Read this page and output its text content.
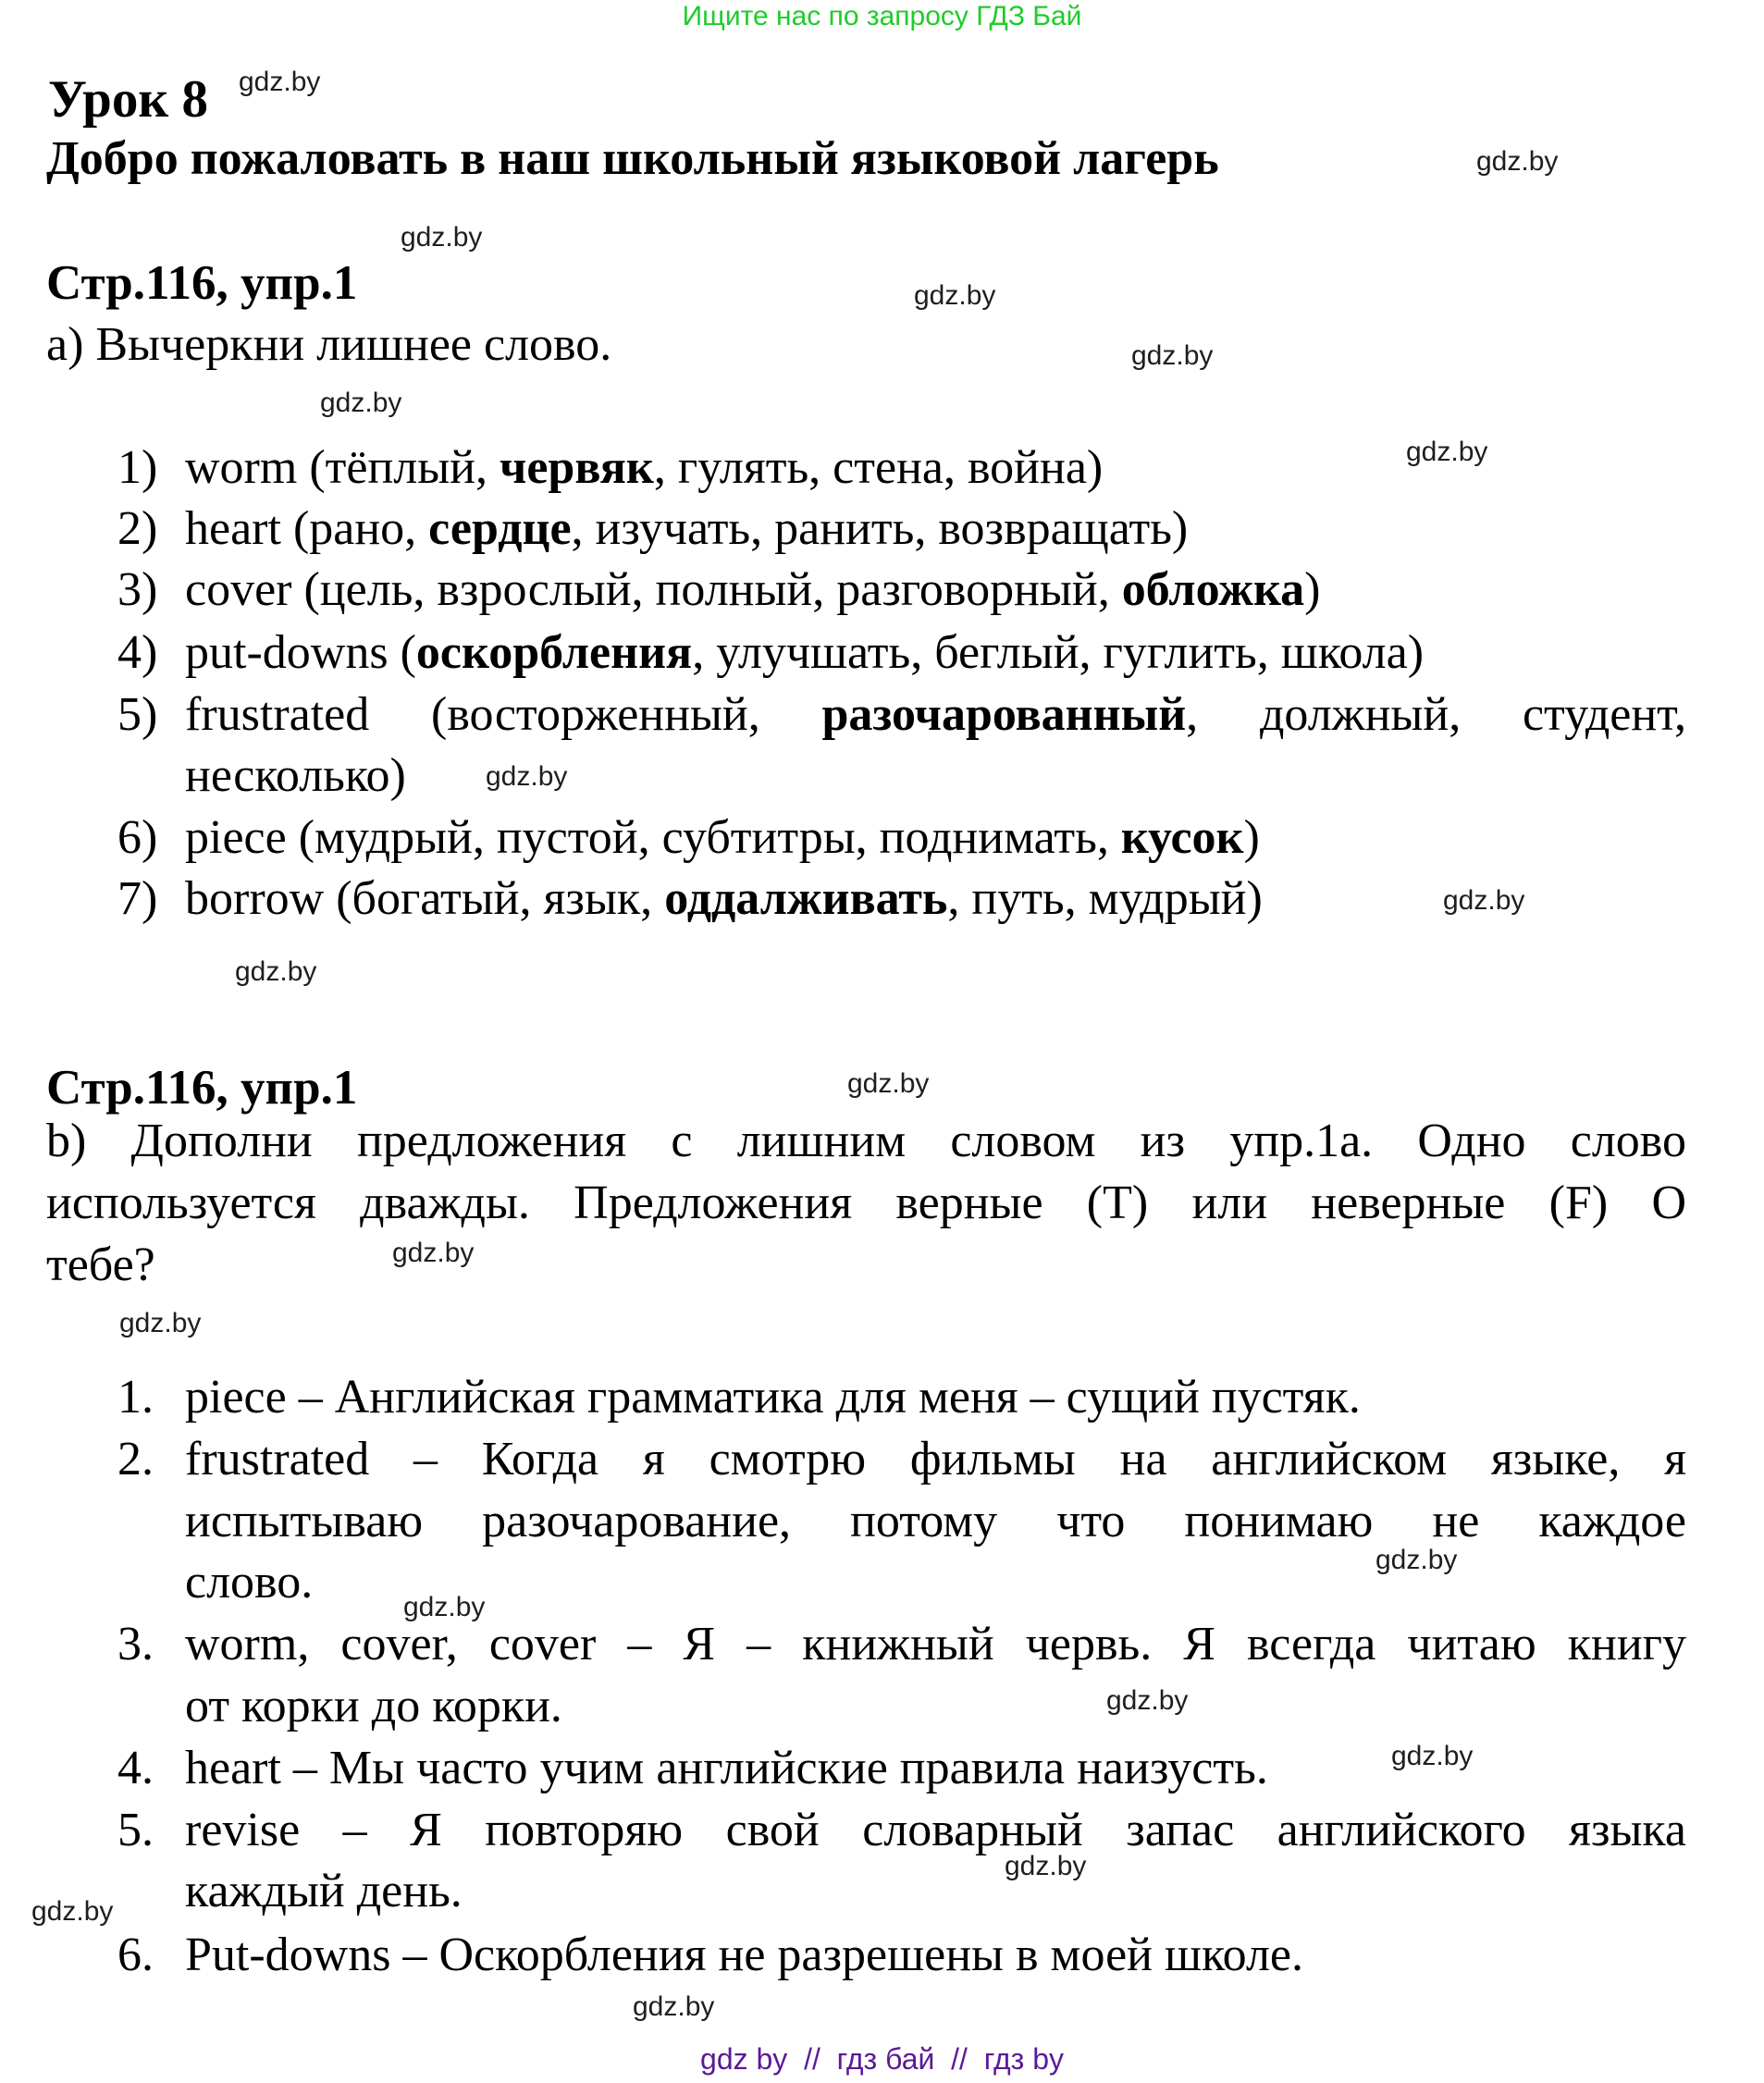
Ищите нас по запросу ГДЗ Бай
Урок 8
Добро пожаловать в наш школьный языковой лагерь
Стр.116, упр.1
а) Вычеркни лишнее слово.
1) worm (тёплый, червяк, гулять, стена, война)
2) heart (рано, сердце, изучать, ранить, возвращать)
3) cover (цель, взрослый, полный, разговорный, обложка)
4) put-downs (оскорбления, улучшать, беглый, гуглить, школа)
5) frustrated (восторженный, разочарованный, должный, студент,
несколько)
6) piece (мудрый, пустой, субтитры, поднимать, кусок)
7) borrow (богатый, язык, оддалживать, путь, мудрый)
Стр.116, упр.1
b) Дополни предложения с лишним словом из упр.1a. Одно слово
используется дважды. Предложения верные (T) или неверные (F) О
тебе?
1. piece – Английская грамматика для меня – сущий пустяк.
2. frustrated – Когда я смотрю фильмы на английском языке, я
испытываю разочарование, потому что понимаю не каждое
слово.
3. worm, cover, cover – Я – книжный червь. Я всегда читаю книгу
от корки до корки.
4. heart – Мы часто учим английские правила наизусть.
5. revise – Я повторяю свой словарный запас английского языка
каждый день.
6. Put-downs – Оскорбления не разрешены в моей школе.
gdz.by
gdz.by
gdz.by
gdz.by
gdz.by
gdz.by
gdz.by
gdz.by
gdz.by
gdz.by
gdz.by
gdz.by
gdz.by
gdz.by
gdz.by
gdz.by
gdz.by
gdz.by
gdz.by
gdz.by
gdz by  //  гдз бай  //  гдз by
